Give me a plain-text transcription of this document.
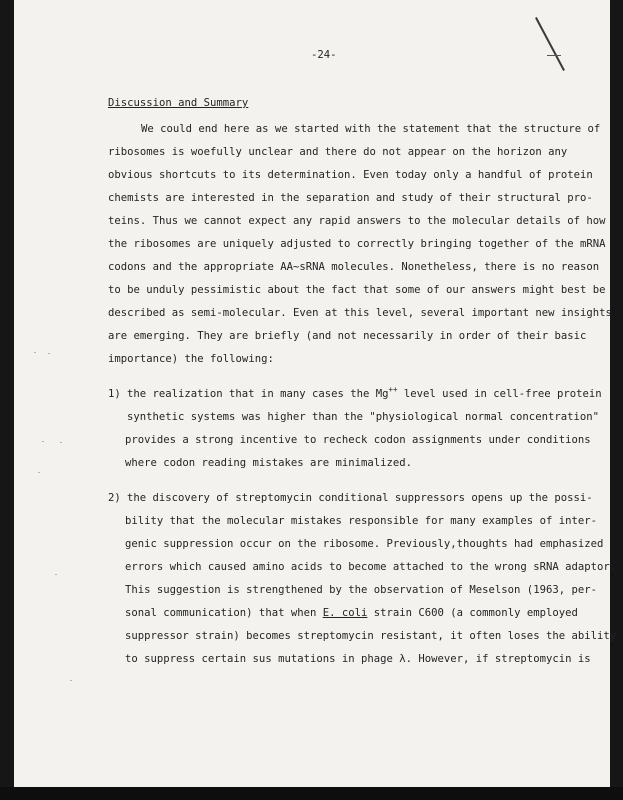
-24-
Discussion and Summary
We could end here as we started with the statement that the structure of
ribosomes is woefully unclear and there do not appear on the horizon any
obvious shortcuts to its determination. Even today only a handful of protein
chemists are interested in the separation and study of their structural pro-
teins. Thus we cannot expect any rapid answers to the molecular details of how
the ribosomes are uniquely adjusted to correctly bringing together of the mRNA
codons and the appropriate AA~sRNA molecules. Nonetheless, there is no reason
to be unduly pessimistic about the fact that some of our answers might best be
described as semi-molecular. Even at this level, several important new insights
are emerging. They are briefly (and not necessarily in order of their basic
importance) the following:
1) the realization that in many cases the Mg++ level used in cell-free protein
synthetic systems was higher than the "physiological normal concentration"
provides a strong incentive to recheck codon assignments under conditions
where codon reading mistakes are minimalized.
2) the discovery of streptomycin conditional suppressors opens up the possi-
bility that the molecular mistakes responsible for many examples of inter-
genic suppression occur on the ribosome. Previously,thoughts had emphasized
errors which caused amino acids to become attached to the wrong sRNA adaptor.
This suggestion is strengthened by the observation of Meselson (1963, per-
sonal communication) that when E. coli strain C600 (a commonly employed
suppressor strain) becomes streptomycin resistant, it often loses the ability
to suppress certain sus mutations in phage λ. However, if streptomycin is
